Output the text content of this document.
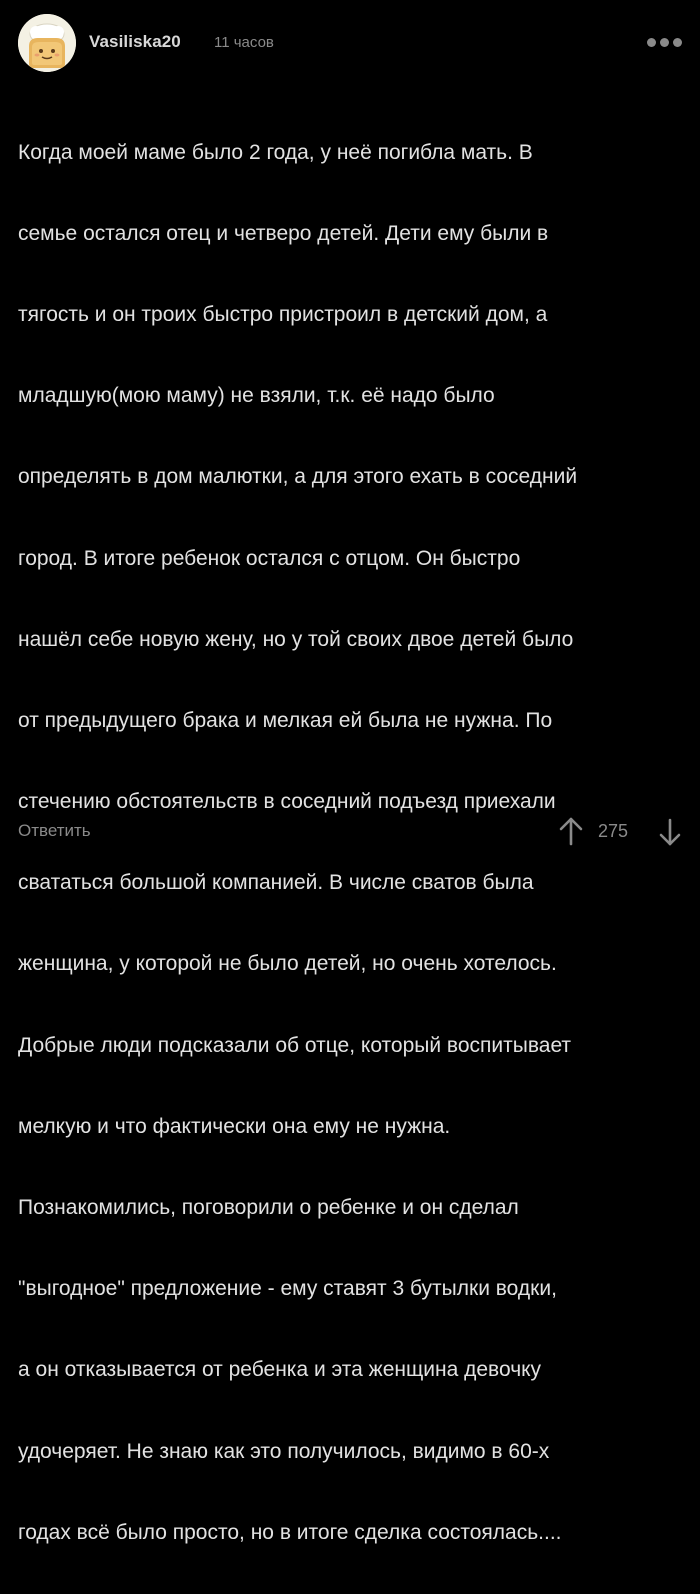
Vasiliska20 11 часов

Когда моей маме было 2 года, у неё погибла мать. В

семье остался отец и четверо детей. Дети ему были в

тягость и он троих быстро пристроил в детский дом, а

младшую(мою маму) не взяли, т.к. её надо было

определять в дом малютки, а для этого ехать в соседний

город. В итоге ребенок остался с отцом. Он быстро

нашёл себе новую жену, но у той своих двое детей было

от предыдущего брака и мелкая ей была не нужна. По

стечению обстоятельств в соседний подъезд приехали

свататься большой компанией. В числе сватов была

женщина, у которой не было детей, но очень хотелось.

Добрые люди подсказали об отце, который воспитывает

мелкую и что фактически она ему не нужна.

Познакомились, поговорили о ребенке и он сделал

"выгодное" предложение - ему ставят 3 бутылки водки,

а он отказывается от ребенка и эта женщина девочку

удочеряет. Не знаю как это получилось, видимо в 60-х

годах всё было просто, но в итоге сделка состоялась....

Ответить	275
